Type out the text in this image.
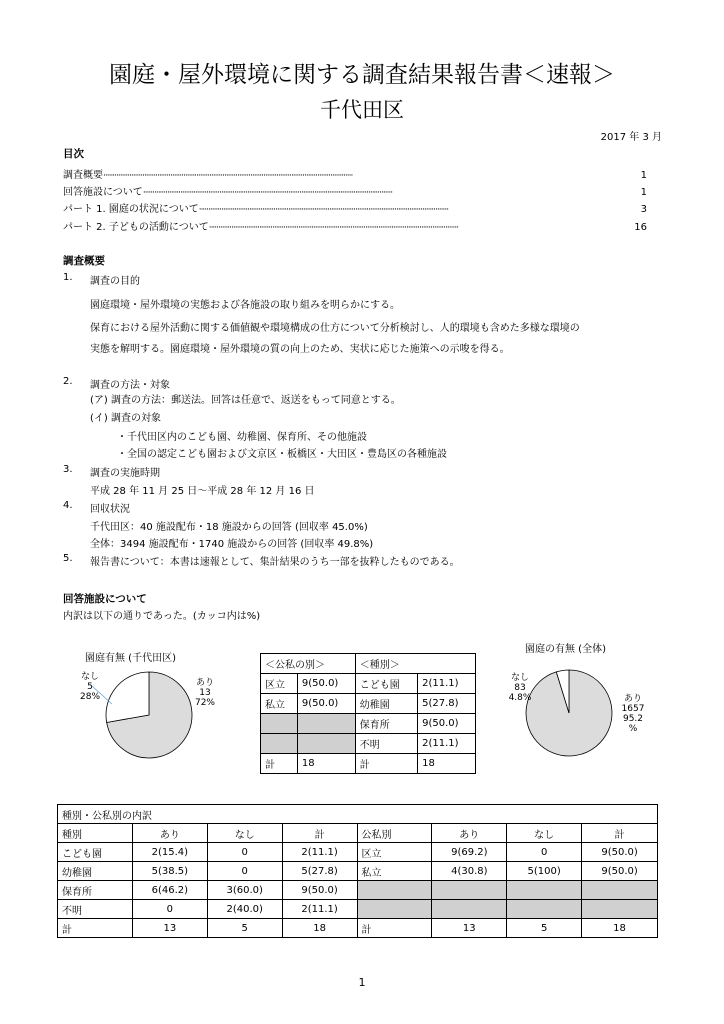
園庭・屋外環境に関する調査結果報告書＜速報＞
千代田区
2017 年 3 月
目次
調査概要 ······································································································································	1
回答施設について ······································································································································	1
パート 1. 園庭の状況について ······································································································································	3
パート 2. 子どもの活動について ······································································································································	16
調査概要
1. 調査の目的
園庭環境・屋外環境の実態および各施設の取り組みを明らかにする。
保育における屋外活動に関する価値観や環境構成の仕方について分析検討し、人的環境も含めた多様な環境の
実態を解明する。園庭環境・屋外環境の質の向上のため、実状に応じた施策への示唆を得る。
2. 調査の方法・対象
(ア) 調査の方法：郵送法。回答は任意で、返送をもって同意とする。
(イ) 調査の対象
・千代田区内のこども園、幼稚園、保育所、その他施設
・全国の認定こども園および文京区・板橋区・大田区・豊島区の各種施設
3. 調査の実施時期
平成 28 年 11 月 25 日～平成 28 年 12 月 16 日
4. 回収状況
千代田区：40 施設配布・18 施設からの回答 (回収率 45.0%)
全体：3494 施設配布・1740 施設からの回答 (回収率 49.8%)
5. 報告書について：本書は速報として、集計結果のうち一部を抜粋したものである。
回答施設について
内訳は以下の通りであった。(カッコ内は%)
園庭有無 (千代田区)
なし
5
28%
あり
13
72%
＜公私の別＞		＜種別＞	
区立	9(50.0)	こども園	2(11.1)
私立	9(50.0)	幼稚園	5(27.8)
		保育所	9(50.0)
		不明	2(11.1)
計	18	計	18
園庭の有無 (全体)
なし
83
4.8%	あり
1657
95.2
%
種別・公私別の内訳							
種別	あり	なし	計	公私別	あり	なし	計
こども園	2(15.4)	0	2(11.1)	区立	9(69.2)	0	9(50.0)
幼稚園	5(38.5)	0	5(27.8)	私立	4(30.8)	5(100)	9(50.0)
保育所	6(46.2)	3(60.0)	9(50.0)				
不明	0	2(40.0)	2(11.1)				
計	13	5	18	計	13	5	18
1
